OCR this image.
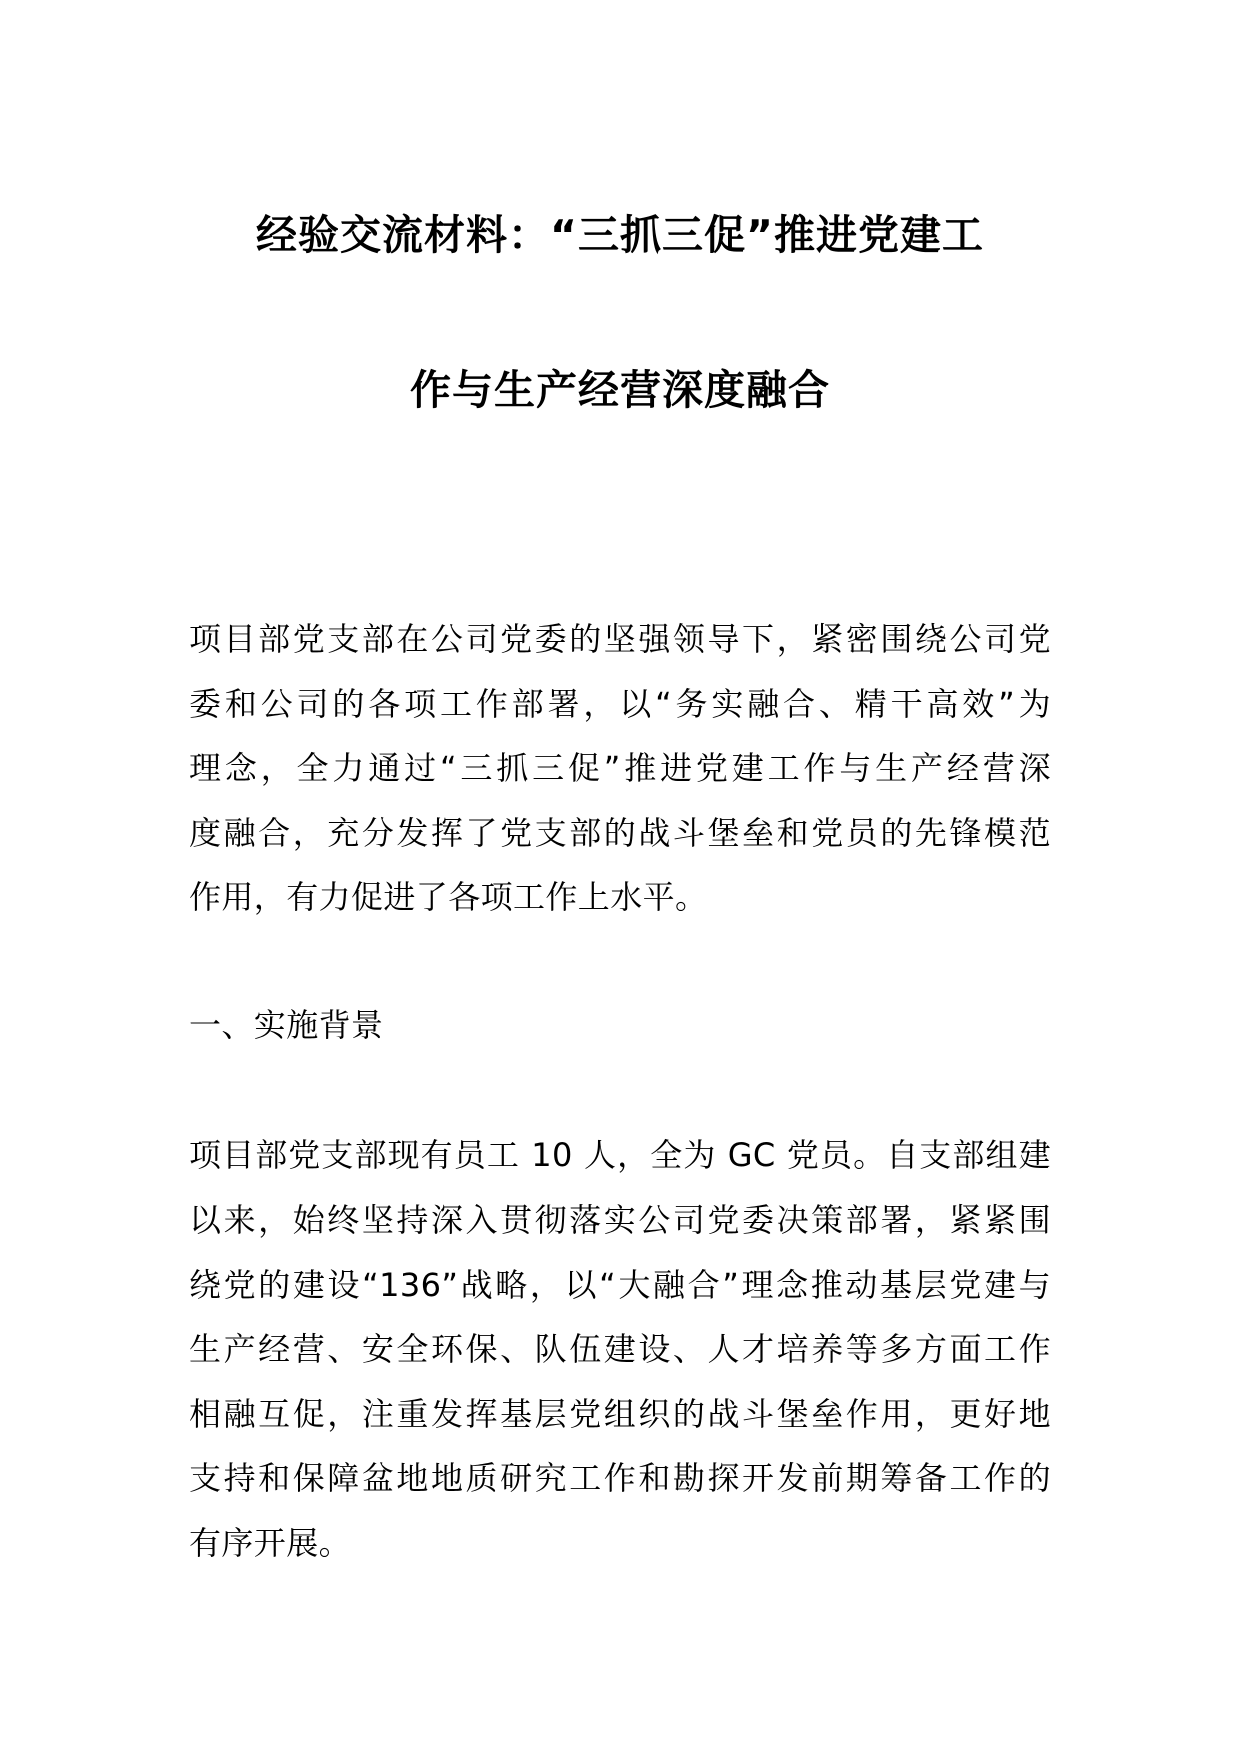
经验交流材料：“三抓三促”推进党建工
作与生产经营深度融合
项目部党支部在公司党委的坚强领导下，紧密围绕公司党
委和公司的各项工作部署，以“务实融合、精干高效”为
理念，全力通过“三抓三促”推进党建工作与生产经营深
度融合，充分发挥了党支部的战斗堡垒和党员的先锋模范
作用，有力促进了各项工作上水平。
一、实施背景
项目部党支部现有员工 10 人，全为 GC 党员。自支部组建
以来，始终坚持深入贯彻落实公司党委决策部署，紧紧围
绕党的建设“136”战略，以“大融合”理念推动基层党建与
生产经营、安全环保、队伍建设、人才培养等多方面工作
相融互促，注重发挥基层党组织的战斗堡垒作用，更好地
支持和保障盆地地质研究工作和勘探开发前期筹备工作的
有序开展。
